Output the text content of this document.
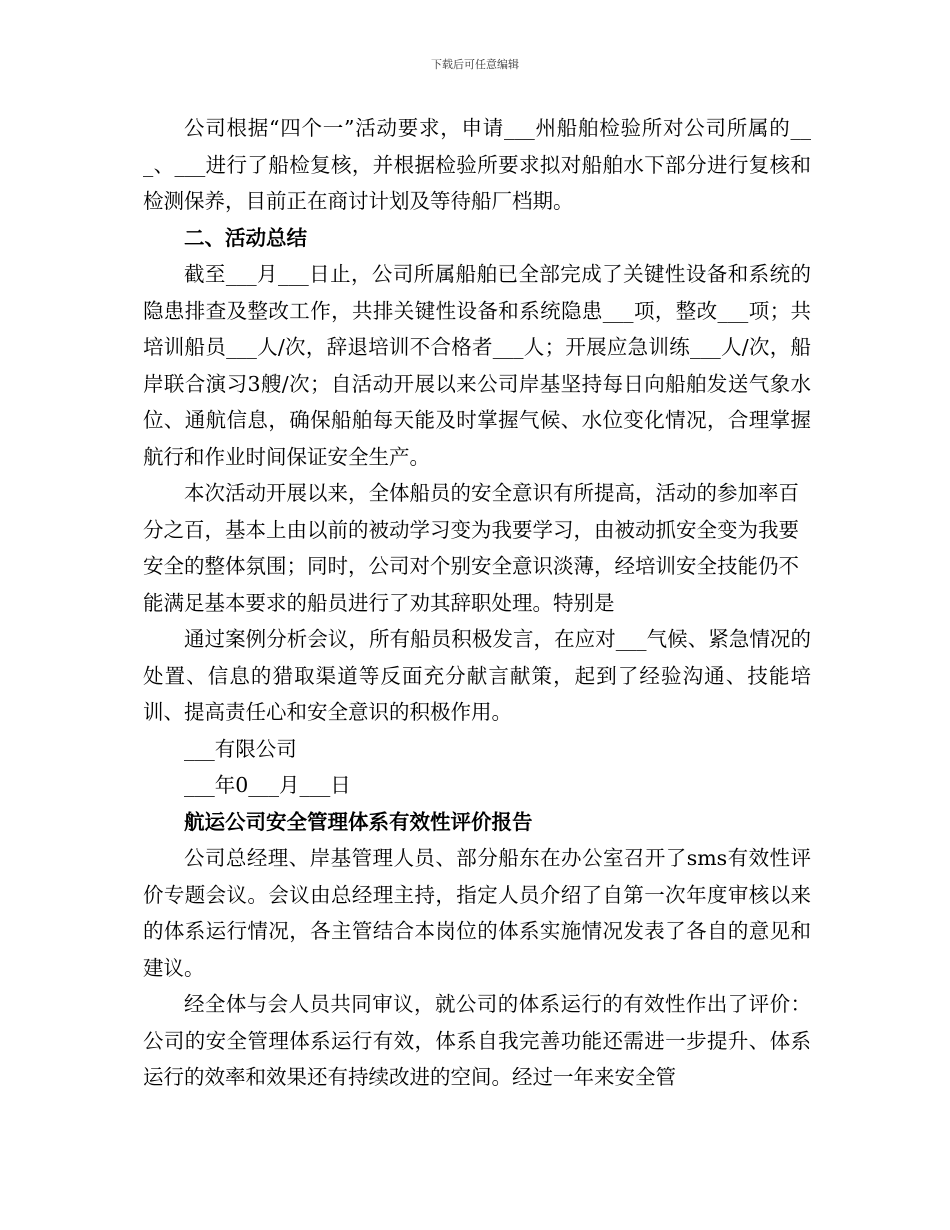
下载后可任意编辑

公司根据“四个一”活动要求，申请___州船舶检验所对公司所属的___、___进行了船检复核，并根据检验所要求拟对船舶水下部分进行复核和检测保养，目前正在商讨计划及等待船厂档期。

二、活动总结

截至___月___日止，公司所属船舶已全部完成了关键性设备和系统的隐患排查及整改工作，共排关键性设备和系统隐患___项，整改___项；共培训船员___人/次，辞退培训不合格者___人；开展应急训练___人/次，船岸联合演习3艘/次；自活动开展以来公司岸基坚持每日向船舶发送气象水位、通航信息，确保船舶每天能及时掌握气候、水位变化情况，合理掌握航行和作业时间保证安全生产。

本次活动开展以来，全体船员的安全意识有所提高，活动的参加率百分之百，基本上由以前的被动学习变为我要学习，由被动抓安全变为我要安全的整体氛围；同时，公司对个别安全意识淡薄，经培训安全技能仍不能满足基本要求的船员进行了劝其辞职处理。特别是

通过案例分析会议，所有船员积极发言，在应对___气候、紧急情况的处置、信息的猎取渠道等反面充分献言献策，起到了经验沟通、技能培训、提高责任心和安全意识的积极作用。

___有限公司

___年0___月___日

航运公司安全管理体系有效性评价报告

公司总经理、岸基管理人员、部分船东在办公室召开了sms有效性评价专题会议。会议由总经理主持，指定人员介绍了自第一次年度审核以来的体系运行情况，各主管结合本岗位的体系实施情况发表了各自的意见和建议。

经全体与会人员共同审议，就公司的体系运行的有效性作出了评价：公司的安全管理体系运行有效，体系自我完善功能还需进一步提升、体系运行的效率和效果还有持续改进的空间。经过一年来安全管
